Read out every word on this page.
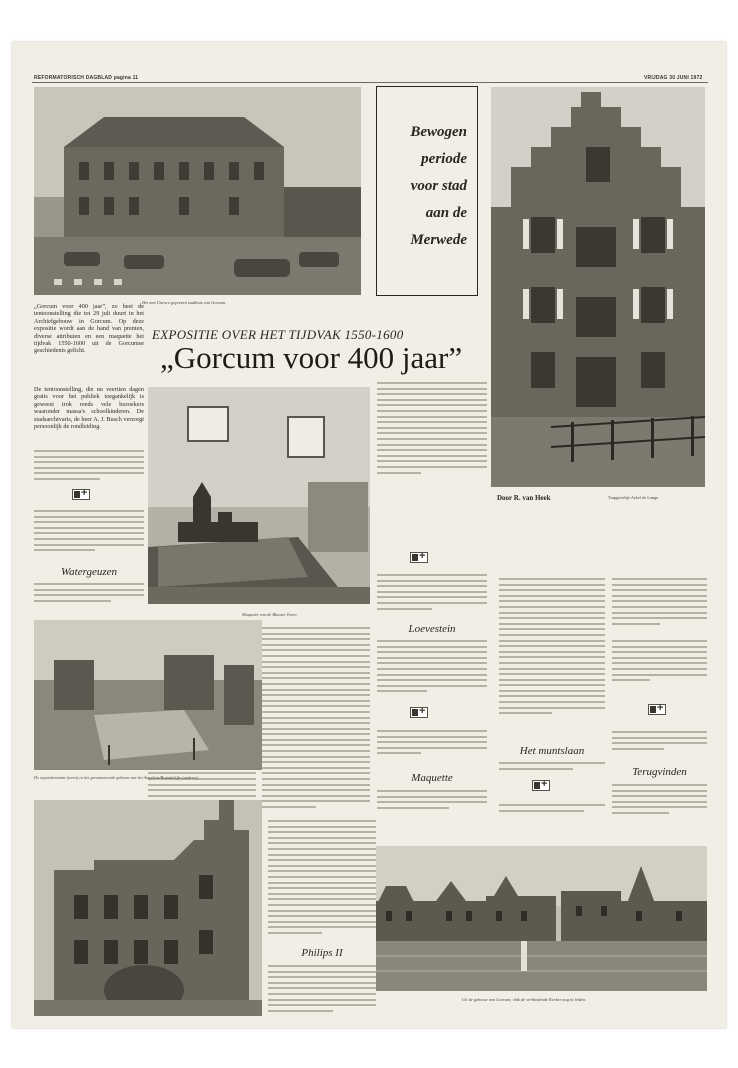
REFORMATORISCH DAGBLAD pagina 11	VRIJDAG 30 JUNI 1972
Het met Unesco geprezen stadhuis van Gorcum.
Bewogen
periode
voor stad
aan de
Merwede
Door R. van Heek	Trapgeveltje Arkel de Lange
EXPOSITIE OVER HET TIJDVAK 1550-1600
„Gorcum voor 400 jaar”
„Gorcum voor 400 jaar”, zo heet de tentoonstelling die tot 29 juli duurt in het Archiefgebouw in Gorcum. Op deze expositie wordt aan de hand van prenten, diverse attributen en een maquette het tijdvak 1550-1600 uit de Gorcumse geschiedenis gelicht.
De tentoonstelling, die nu veertien dagen gratis voor het publiek toegankelijk is geweest trok reeds vele bezoekers waaronder massa's schoolkinderen. De stadsarchivaris, de heer A. J. Busch verzorgt persoonlijk de rondleiding.
+
Watergeuzen
Maquette van de Blauwe Toren
+
Loevestein
+
Maquette
Het muntslaan
+
+
Terugvinden
De expositieruimte (toren) en het gerestaureerde gebouw van het Ampthuis/Bruindelijke (ondertr.)
Philips II
Uit de gebouw van Gorcum, vlak de verbindende Kerken zag in leiden.
